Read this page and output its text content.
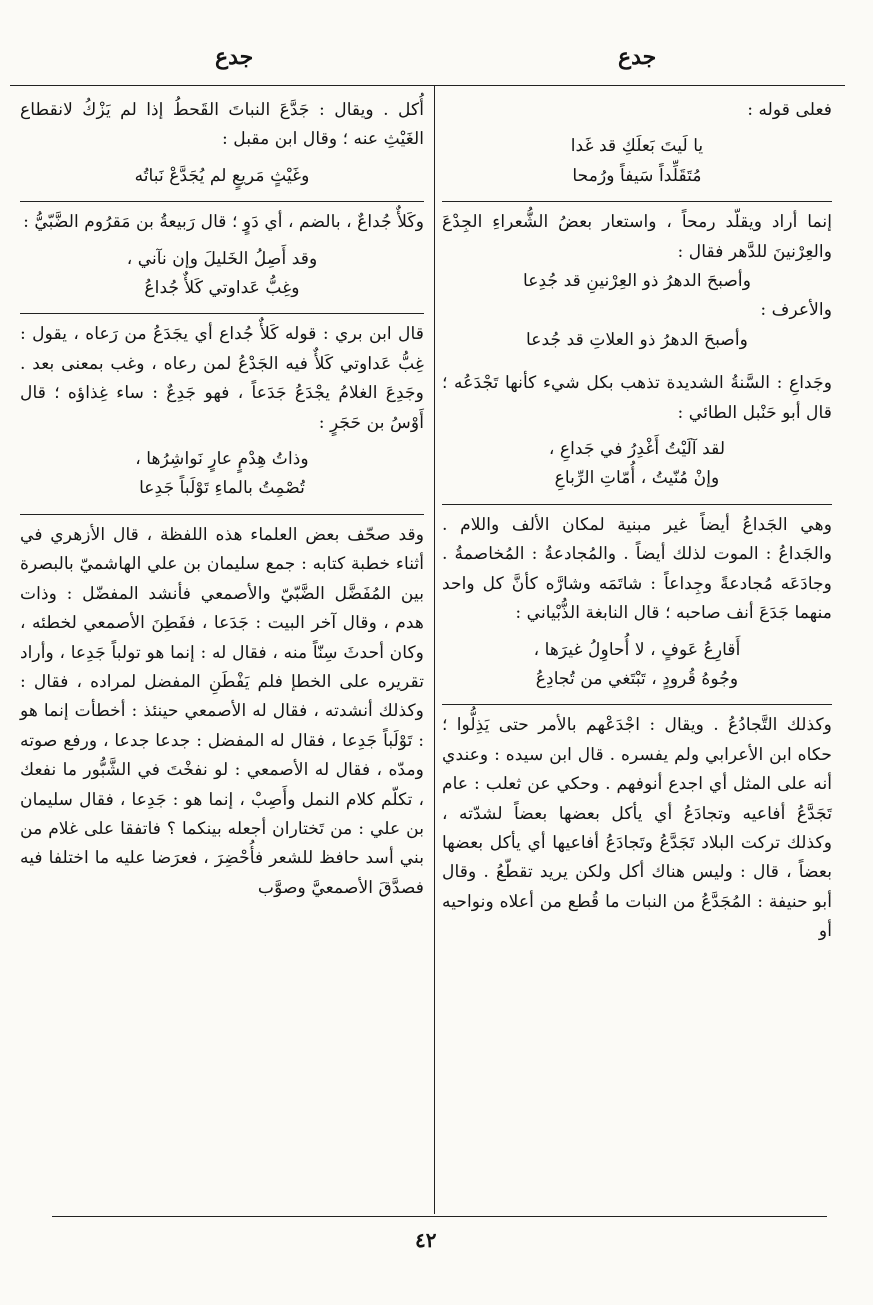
جدع
جدع

فعلى قوله :

يا لَيتَ بَعلَكِ قد غَدا

مُتَقَلِّداً سَيفاً ورُمحا

إنما أراد ويقلّد رمحاً ، واستعار بعضُ الشُّعراءِ الجِدْعَ والعِرْنينَ للدَّهر فقال :

وأصبحَ الدهرُ ذو العِرْنينِ قد جُدِعا

والأعرف :

وأصبحَ الدهرُ ذو العلاتِ قد جُدعا

وجَداعِ : السَّنةُ الشديدة تذهب بكل شيء كأنها تَجْدَعُه ؛ قال أبو حَنْبل الطائي :

لقد آلَيْتُ أَغْدِرُ في جَداعِ ،

وإنْ مُنّيتُ ، أُمّاتِ الرِّباعِ

وهي الجَداعُ أيضاً غير مبنية لمكان الألف واللام . والجَداعُ : الموت لذلك أيضاً . والمُجادعةُ : المُخاصمةُ . وجادَعَه مُجادعةً وجِداعاً : شاتَمَه وشارَّه كأنَّ كل واحد منهما جَدَعَ أنف صاحبه ؛ قال النابغة الذُّبْياني :

أَقارِعُ عَوفٍ ، لا أُحاوِلُ غيرَها ،

وجُوهُ قُرودٍ ، تَبْتَغي من تُجادِعُ

وكذلك التَّجادُعُ . ويقال : اجْدَعْهم بالأمر حتى يَذِلُّوا ؛ حكاه ابن الأعرابي ولم يفسره . قال ابن سيده : وعندي أنه على المثل أي اجدع أنوفهم . وحكي عن ثعلب : عام تَجَدَّعُ أفاعيه وتجادَعُ أي يأكل بعضها بعضاً لشدّته ، وكذلك تركت البلاد تَجَدَّعُ وتَجادَعُ أفاعيها أي يأكل بعضها بعضاً ، قال : وليس هناك أكل ولكن يريد تقطّعُ . وقال أبو حنيفة : المُجَدَّعُ من النبات ما قُطع من أعلاه ونواحيه أو

أُكل . ويقال : جَدَّعَ النباتَ القَحطُ إذا لم يَزْكُ لانقطاع الغَيْثِ عنه ؛ وقال ابن مقبل :

وغَيْثٍ مَريعٍ لم يُجَدَّعْ نَباتُه

وكَلأٌ جُداعٌ ، بالضم ، أي دَوٍ ؛ قال رَبيعةُ بن مَقرُوم الضَّبّيُّ :

وقد أَصِلُ الخَليلَ وإن نآني ،

وغِبُّ عَداوتي كَلأٌ جُداعُ

قال ابن بري : قوله كَلأٌ جُداع أي يجَدَعُ من رَعاه ، يقول : غِبُّ عَداوتي كَلأٌ فيه الجَدْعُ لمن رعاه ، وغب بمعنى بعد . وجَدِعَ الغلامُ يجْدَعُ جَدَعاً ، فهو جَدِعٌ : ساء غِذاؤه ؛ قال أَوْسُ بن حَجَرٍ :

وذاتُ هِدْمٍ عارٍ نَواشِرُها ،

تُصْمِتُ بالماءِ تَوْلَباً جَدِعا

وقد صحّف بعض العلماء هذه اللفظة ، قال الأزهري في أثناء خطبة كتابه : جمع سليمان بن علي الهاشميّ بالبصرة بين المُفَضَّل الضَّبّيّ والأصمعي فأنشد المفضّل : وذات هدم ، وقال آخر البيت : جَدَعا ، ففَطِنَ الأصمعي لخطئه ، وكان أحدثَ سِنّاً منه ، فقال له : إنما هو تولباً جَدِعا ، وأراد تقريره على الخطإ فلم يَفْطَنِ المفضل لمراده ، فقال : وكذلك أنشدته ، فقال له الأصمعي حينئذ : أخطأت إنما هو : تَوْلَباً جَدِعا ، فقال له المفضل : جدعا جدعا ، ورفع صوته ومدّه ، فقال له الأصمعي : لو نفخْتَ في الشَّبُّور ما نفعك ، تكلّم كلام النمل وأَصِبْ ، إنما هو : جَدِعا ، فقال سليمان بن علي : من تَختاران أجعله بينكما ؟ فاتفقا على غلام من بني أسد حافظ للشعر فأُحْضِرَ ، فعرَضا عليه ما اختلفا فيه فصدَّقَ الأصمعيَّ وصوَّب

٤٢
